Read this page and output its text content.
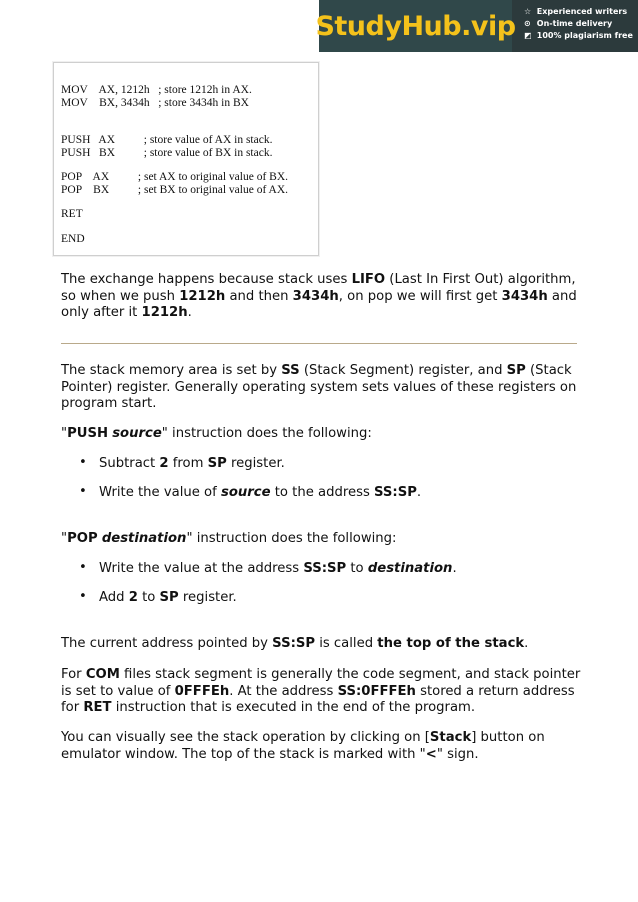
StudyHub.vip ☆ Experienced writers
⊙ On-time delivery
◩ 100% plagiarism free
MOV    AX, 1212h   ; store 1212h in AX.
MOV    BX, 3434h   ; store 3434h in BX
PUSH   AX          ; store value of AX in stack.
PUSH   BX          ; store value of BX in stack.
POP    AX          ; set AX to original value of BX.
POP    BX          ; set BX to original value of AX.
RET
END
The exchange happens because stack uses LIFO (Last In First Out) algorithm, so when we push 1212h and then 3434h, on pop we will first get 3434h and only after it 1212h.
The stack memory area is set by SS (Stack Segment) register, and SP (Stack Pointer) register. Generally operating system sets values of these registers on program start.
"PUSH source" instruction does the following:
• Subtract 2 from SP register.
• Write the value of source to the address SS:SP.
"POP destination" instruction does the following:
• Write the value at the address SS:SP to destination.
• Add 2 to SP register.
The current address pointed by SS:SP is called the top of the stack.
For COM files stack segment is generally the code segment, and stack pointer is set to value of 0FFFEh. At the address SS:0FFFEh stored a return address for RET instruction that is executed in the end of the program.
You can visually see the stack operation by clicking on [Stack] button on emulator window. The top of the stack is marked with "<" sign.
